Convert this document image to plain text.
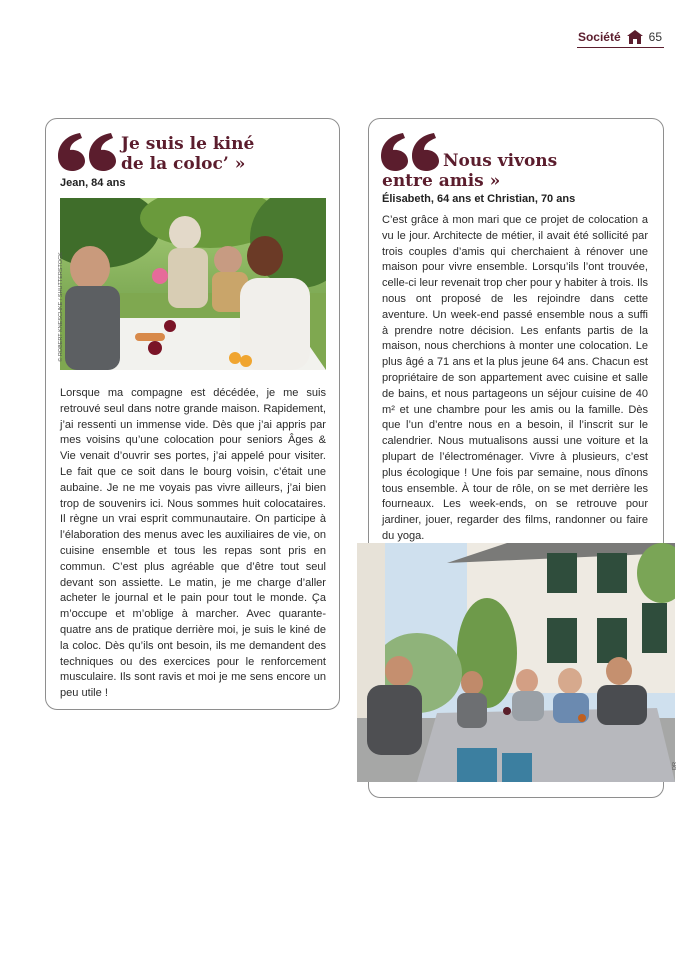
Société 65
Je suis le kiné
de la coloc’ »
Jean, 84 ans
© ROBERT KNESCHKE / SHUTTERSTOCK
Lorsque ma compagne est décédée, je me suis retrouvé seul dans notre grande maison. Rapidement, j’ai ressenti un immense vide. Dès que j’ai appris par mes voisins qu’une colocation pour seniors Âges & Vie venait d’ouvrir ses portes, j’ai appelé pour visiter. Le fait que ce soit dans le bourg voisin, c’était une aubaine. Je ne me voyais pas vivre ailleurs, j’ai bien trop de souvenirs ici. Nous sommes huit colocataires. Il règne un vrai esprit communautaire. On participe à l’élaboration des menus avec les auxiliaires de vie, on cuisine ensemble et tous les repas sont pris en commun. C’est plus agréable que d’être tout seul devant son assiette. Le matin, je me charge d’aller acheter le journal et le pain pour tout le monde. Ça m’occupe et m’oblige à marcher. Avec quarante-quatre ans de pratique derrière moi, je suis le kiné de la coloc. Dès qu’ils ont besoin, ils me demandent des techniques ou des exercices pour le renforcement musculaire. Ils sont ravis et moi je me sens encore un peu utile !
Nous vivons
entre amis »
Élisabeth, 64 ans et Christian, 70 ans
C’est grâce à mon mari que ce projet de colocation a vu le jour. Architecte de métier, il avait été sollicité par trois couples d’amis qui cherchaient à rénover une maison pour vivre ensemble. Lorsqu’ils l’ont trouvée, celle-ci leur revenait trop cher pour y habiter à trois. Ils nous ont proposé de les rejoindre dans cette aventure. Un week-end passé ensemble nous a suffi à prendre notre décision. Les enfants partis de la maison, nous cherchions à monter une colocation. Le plus âgé a 71 ans et la plus jeune 64 ans. Chacun est propriétaire de son appartement avec cuisine et salle de bains, et nous partageons un séjour cuisine de 40 m² et une chambre pour les amis ou la famille. Dès que l’un d’entre nous en a besoin, il l’inscrit sur le calendrier. Nous mutualisons aussi une voiture et la plupart de l’électroménager. Vivre à plusieurs, c’est plus écologique ! Une fois par semaine, nous dînons tous ensemble. À tour de rôle, on se met derrière les fourneaux. Les week-ends, on se retrouve pour jardiner, jouer, regarder des films, randonner ou faire du yoga.
DR
